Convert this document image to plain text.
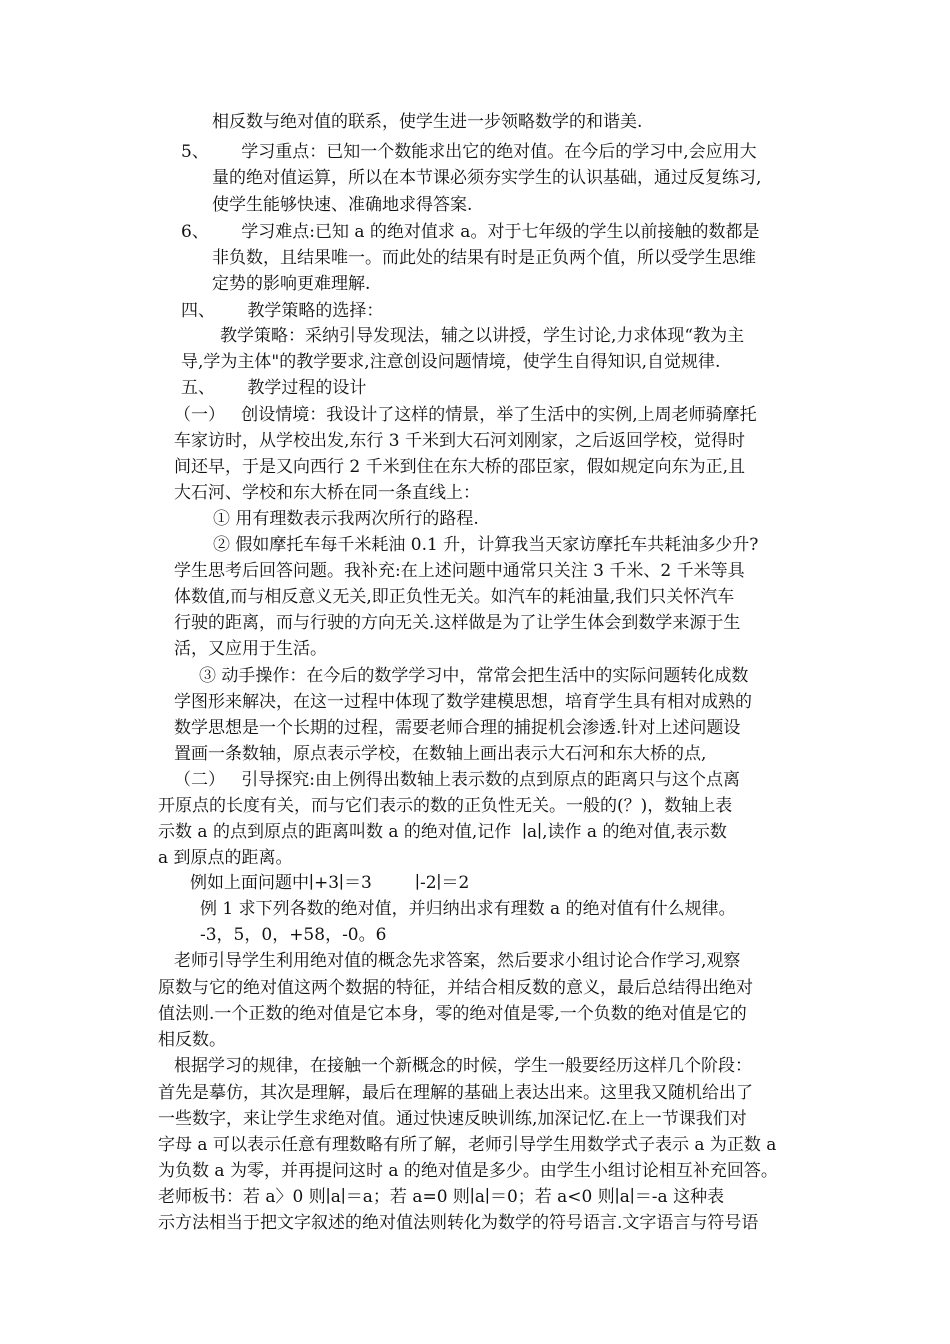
相反数与绝对值的联系，使学生进一步领略数学的和谐美.
5、      学习重点：已知一个数能求出它的绝对值。在今后的学习中,会应用大
量的绝对值运算，所以在本节课必须夯实学生的认识基础，通过反复练习,
使学生能够快速、准确地求得答案.
6、      学习难点:已知 a 的绝对值求 a。对于七年级的学生以前接触的数都是
非负数，且结果唯一。而此处的结果有时是正负两个值，所以受学生思维
定势的影响更难理解.
四、      教学策略的选择：
教学策略：采纳引导发现法，辅之以讲授，学生讨论,力求体现“教为主
导,学为主体"的教学要求,注意创设问题情境，使学生自得知识,自觉规律.
五、      教学过程的设计
（一）   创设情境：我设计了这样的情景，举了生活中的实例,上周老师骑摩托
车家访时，从学校出发,东行 3 千米到大石河刘刚家，之后返回学校，觉得时
间还早，于是又向西行 2 千米到住在东大桥的邵臣家，假如规定向东为正,且
大石河、学校和东大桥在同一条直线上：
① 用有理数表示我两次所行的路程.
② 假如摩托车每千米耗油 0.1 升，计算我当天家访摩托车共耗油多少升?
学生思考后回答问题。我补充:在上述问题中通常只关注 3 千米、2 千米等具
体数值,而与相反意义无关,即正负性无关。如汽车的耗油量,我们只关怀汽车
行驶的距离，而与行驶的方向无关.这样做是为了让学生体会到数学来源于生
活，又应用于生活。
③ 动手操作：在今后的数学学习中，常常会把生活中的实际问题转化成数
学图形来解决，在这一过程中体现了数学建模思想，培育学生具有相对成熟的
数学思想是一个长期的过程，需要老师合理的捕捉机会渗透.针对上述问题设
置画一条数轴，原点表示学校，在数轴上画出表示大石河和东大桥的点,
（二）   引导探究:由上例得出数轴上表示数的点到原点的距离只与这个点离
开原点的长度有关，而与它们表示的数的正负性无关。一般的(？)，数轴上表
示数 a 的点到原点的距离叫数 a 的绝对值,记作  ∣a∣,读作 a 的绝对值,表示数
a 到原点的距离。
例如上面问题中∣+3∣＝3        ∣-2∣＝2
例 1 求下列各数的绝对值，并归纳出求有理数 a 的绝对值有什么规律。
-3，5，0，+58，-0。6
老师引导学生利用绝对值的概念先求答案，然后要求小组讨论合作学习,观察
原数与它的绝对值这两个数据的特征，并结合相反数的意义，最后总结得出绝对
值法则.一个正数的绝对值是它本身，零的绝对值是零,一个负数的绝对值是它的
相反数。
根据学习的规律，在接触一个新概念的时候，学生一般要经历这样几个阶段：
首先是摹仿，其次是理解，最后在理解的基础上表达出来。这里我又随机给出了
一些数字，来让学生求绝对值。通过快速反映训练,加深记忆.在上一节课我们对
字母 a 可以表示任意有理数略有所了解，老师引导学生用数学式子表示 a 为正数 a
为负数 a 为零，并再提问这时 a 的绝对值是多少。由学生小组讨论相互补充回答。
老师板书：若 a〉0 则∣a∣＝a；若 a=0 则∣a∣＝0；若 a<0 则∣a∣＝-a 这种表
示方法相当于把文字叙述的绝对值法则转化为数学的符号语言.文字语言与符号语
